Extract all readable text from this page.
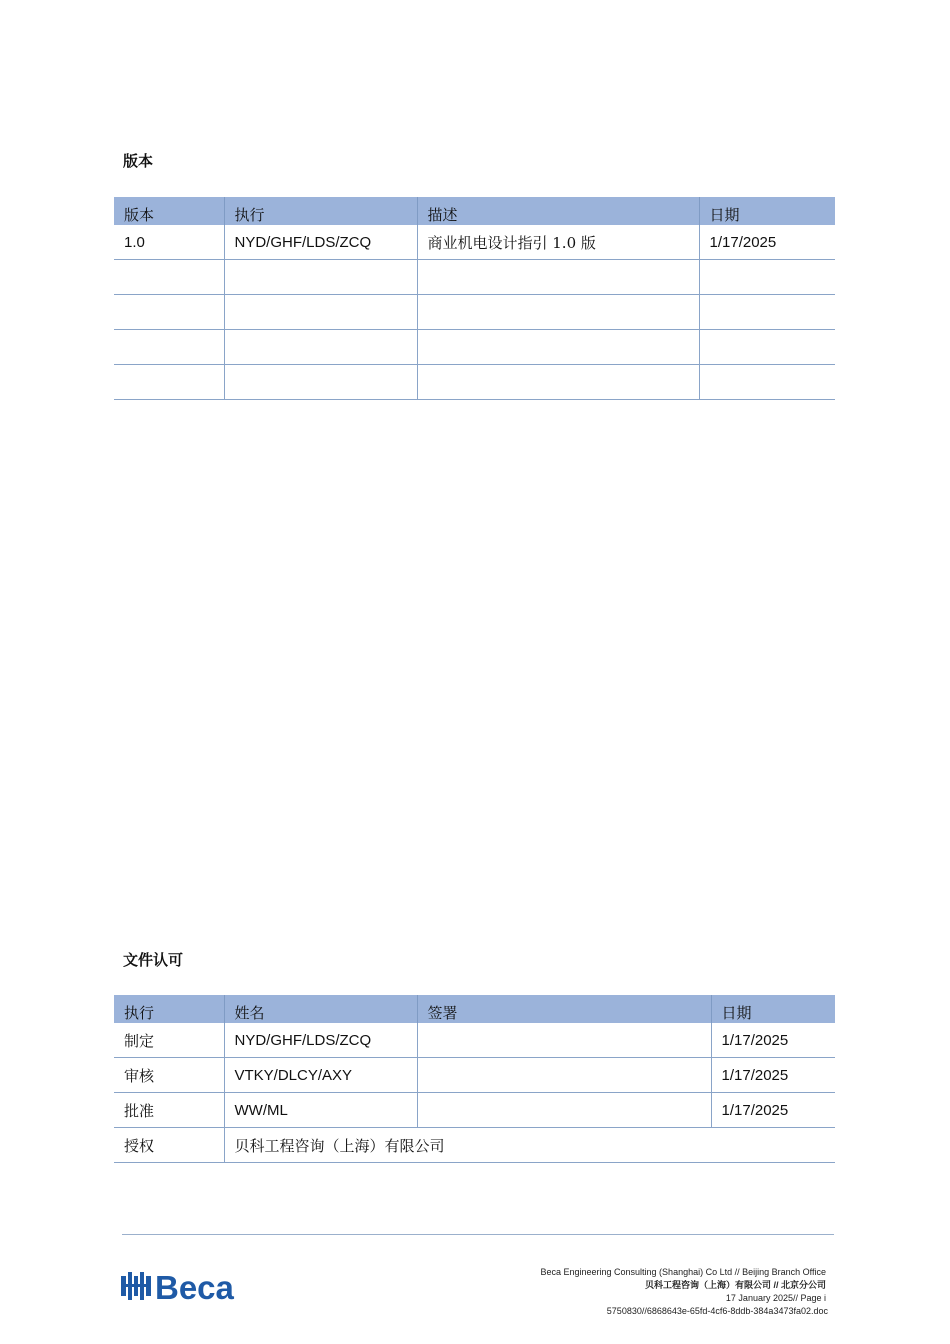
版本
版本	执行	描述	日期
1.0	NYD/GHF/LDS/ZCQ	商业机电设计指引 1.0 版	1/17/2025

文件认可
执行	姓名	签署	日期
制定	NYD/GHF/LDS/ZCQ		1/17/2025
审核	VTKY/DLCY/AXY		1/17/2025
批准	WW/ML		1/17/2025
授权	贝科工程咨询（上海）有限公司		
Beca	Beca Engineering Consulting (Shanghai) Co Ltd // Beijing Branch Office
贝科工程咨询（上海）有限公司 // 北京分公司
17 January 2025// Page i
5750830//6868643e-65fd-4cf6-8ddb-384a3473fa02.doc
